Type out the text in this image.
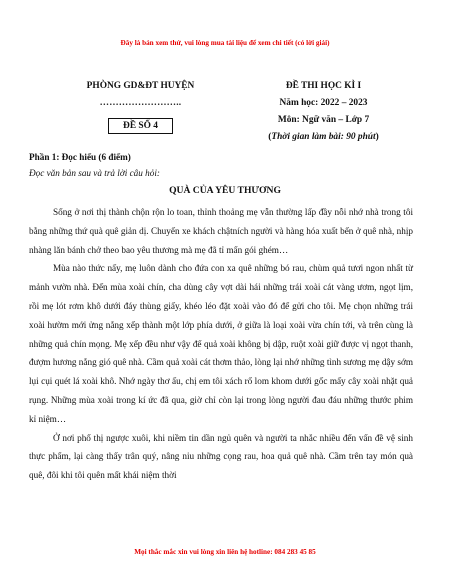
Đây là bản xem thử, vui lòng mua tài liệu để xem chi tiết (có lời giải)
PHÒNG GD&ĐT HUYỆN
……………………..
ĐỀ SỐ 4
ĐỀ THI HỌC KÌ I
Năm học: 2022 – 2023
Môn: Ngữ văn – Lớp 7
(Thời gian làm bài: 90 phút)
Phần 1: Đọc hiểu (6 điểm)
Đọc văn bản sau và trả lời câu hỏi:
QUÀ CỦA YÊU THƯƠNG

Sống ở nơi thị thành chộn rộn lo toan, thỉnh thoảng mẹ vẫn thường lấp đầy nỗi nhớ nhà trong tôi bằng những thứ quà quê giản dị. Chuyến xe khách chậtních người và hàng hóa xuất bến ở quê nhà, nhịp nhàng lăn bánh chở theo bao yêu thương mà mẹ đã tỉ mẩn gói ghém…

Mùa nào thức nấy, mẹ luôn dành cho đứa con xa quê những bó rau, chùm quả tươi ngon nhất từ mảnh vườn nhà. Đến mùa xoài chín, cha dùng cây vợt dài hái những trái xoài cát vàng ươm, ngọt lịm, rồi mẹ lót rơm khô dưới đáy thùng giấy, khéo léo đặt xoài vào đó để gửi cho tôi. Mẹ chọn những trái xoài hườm mới ửng nắng xếp thành một lớp phía dưới, ở giữa là loại xoài vừa chín tới, và trên cùng là những quả chín mọng. Mẹ xếp đều như vậy để quả xoài không bị dập, ruột xoài giữ được vị ngọt thanh, đượm hương nắng gió quê nhà. Cầm quả xoài cát thơm thảo, lòng lại nhớ những tình sương mẹ dậy sớm lụi cụi quét lá xoài khô. Nhớ ngày thơ ấu, chị em tôi xách rổ lom khom dưới gốc mấy cây xoài nhặt quả rụng. Những mùa xoài trong kí ức đã qua, giờ chỉ còn lại trong lòng người đau đáu những thước phim kỉ niệm…

Ở nơi phố thị ngược xuôi, khi niềm tin dần ngủ quên và người ta nhắc nhiều đến vấn đề vệ sinh thực phẩm, lại càng thấy trân quý, nâng niu những cọng rau, hoa quả quê nhà. Cầm trên tay món quà quê, đôi khi tôi quên mất khái niệm thời

Mọi thắc mắc xin vui lòng xin liên hệ hotline: 084 283 45 85
